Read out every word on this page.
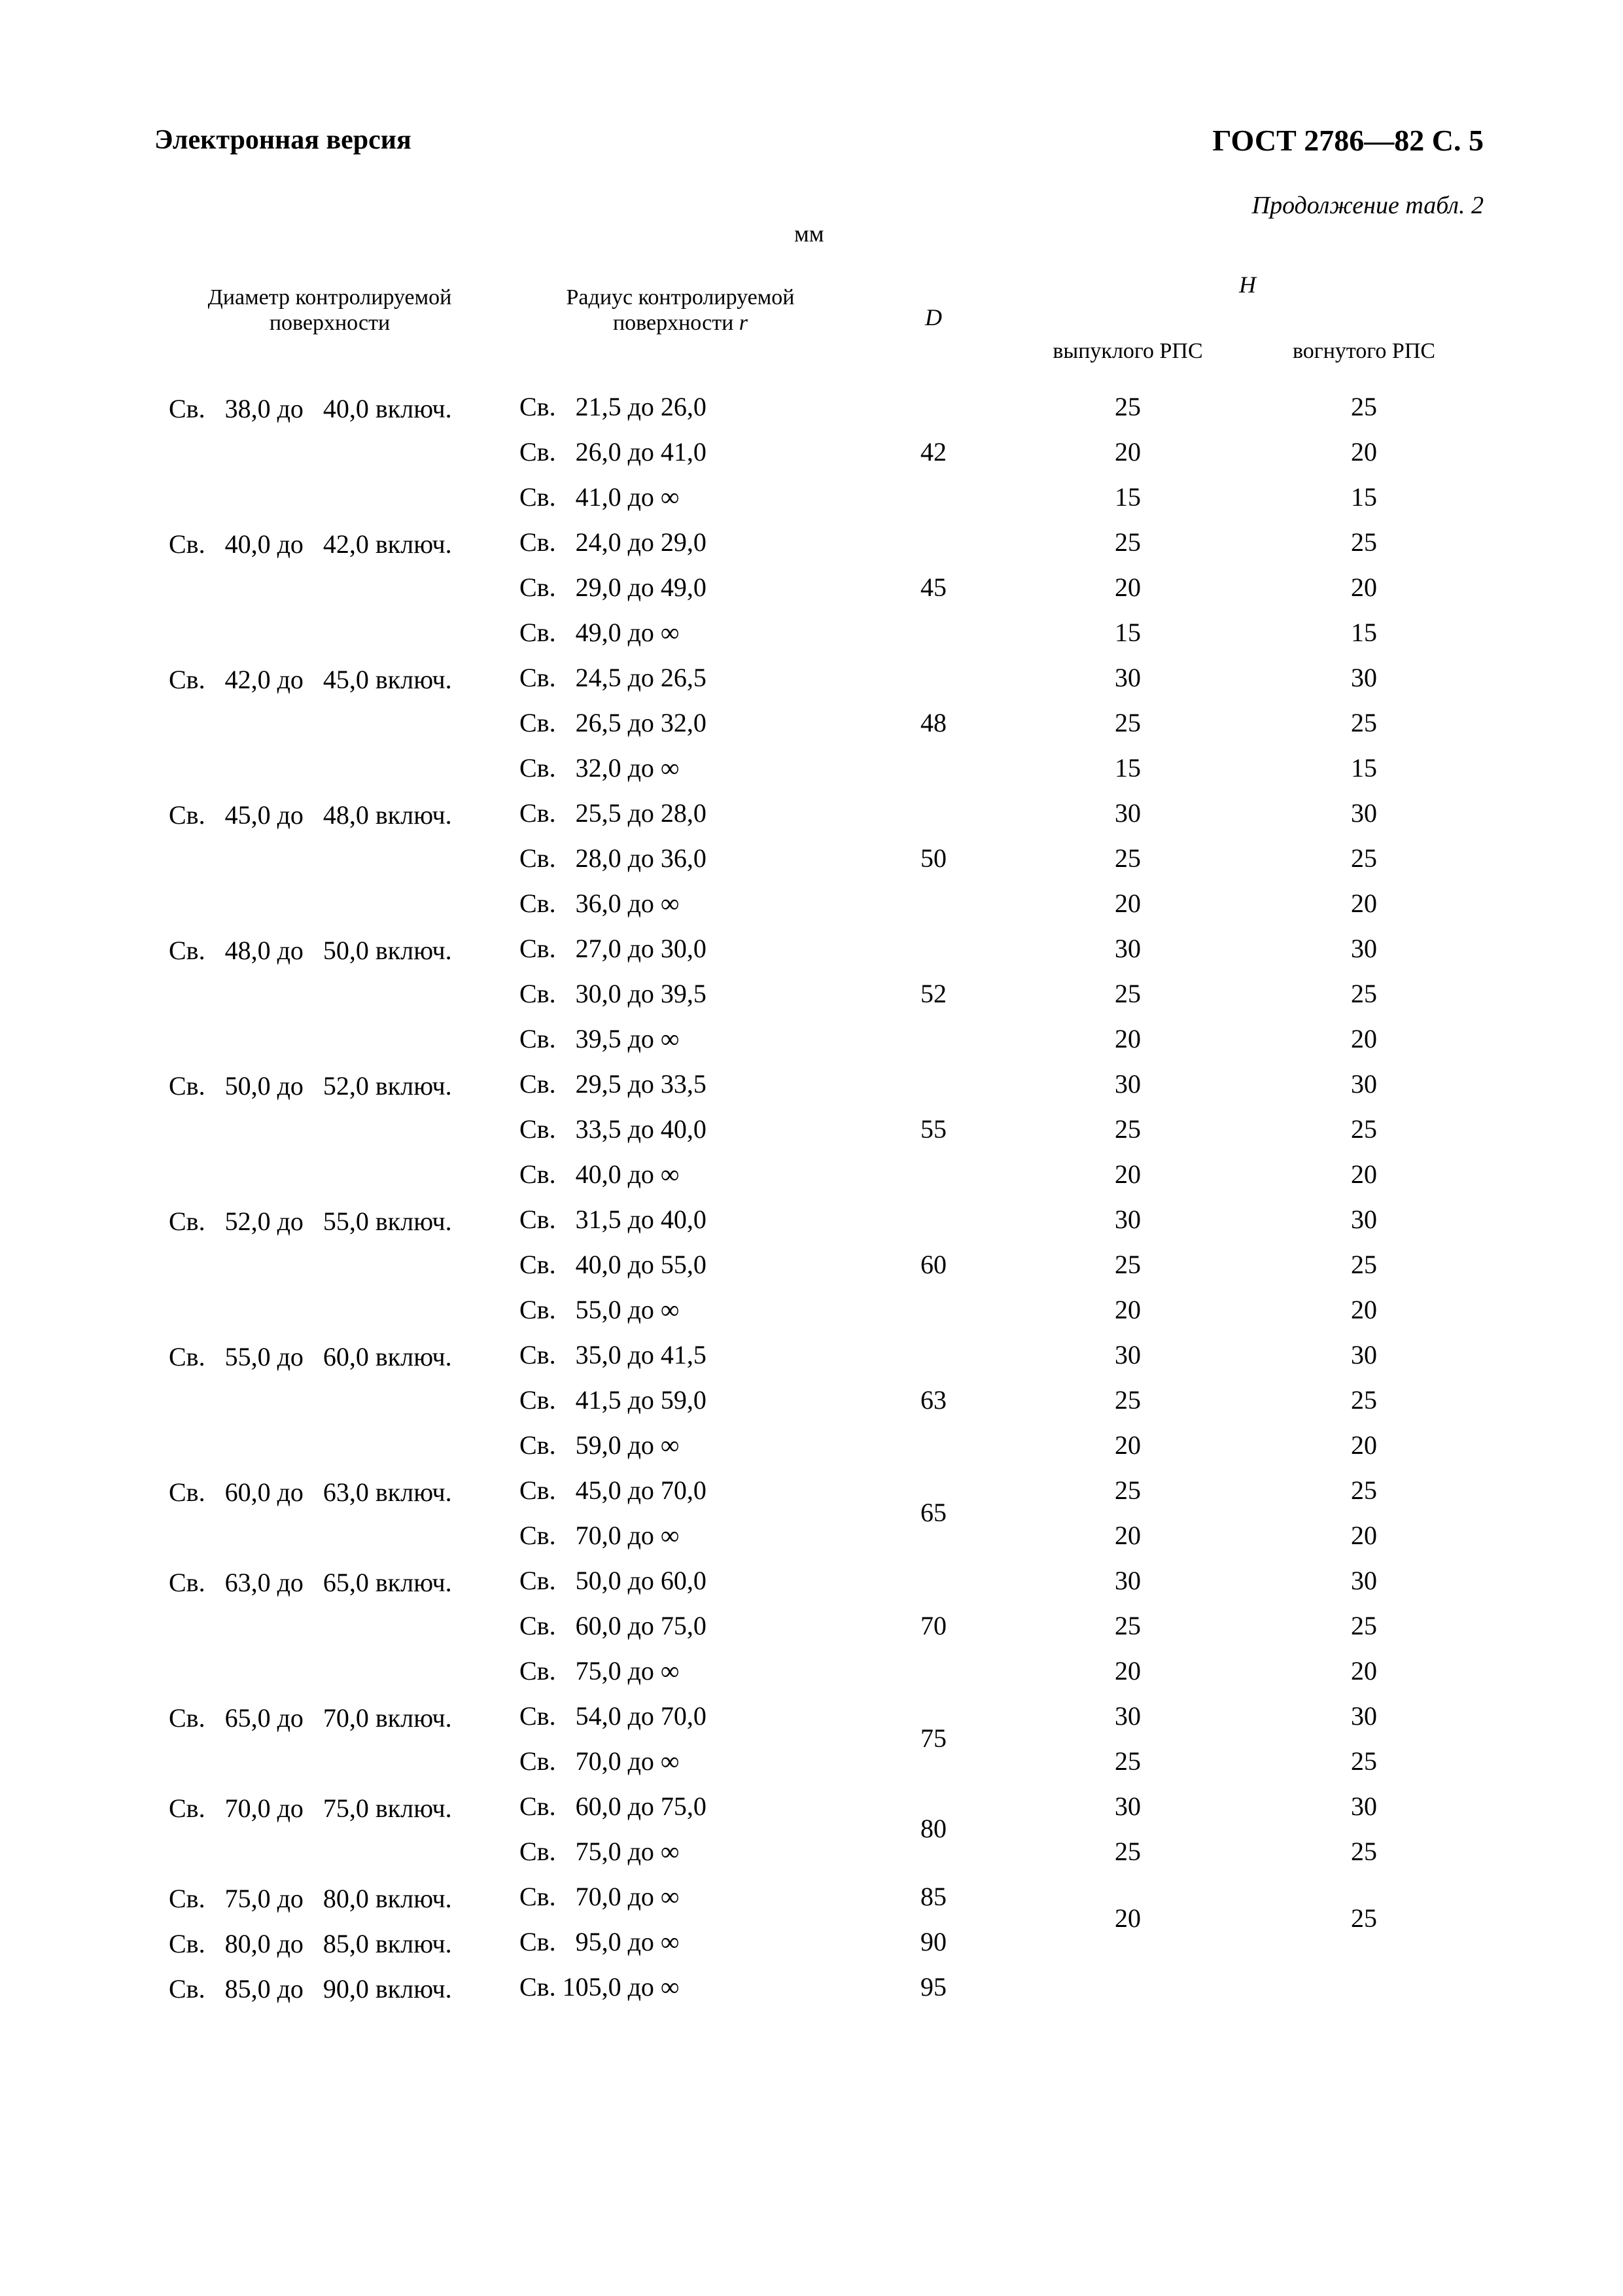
Электронная версия	ГОСТ 2786—82 С. 5
Продолжение табл. 2
мм
Диаметр контролируемой поверхности	Радиус контролируемой поверхности r	D	H	
			выпуклого РПС	вогнутого РПС
Св.   38,0 до   40,0 включ.	Св.   21,5 до 26,0	42	25	25
	Св.   26,0 до 41,0		20	20
	Св.   41,0 до ∞		15	15
Св.   40,0 до   42,0 включ.	Св.   24,0 до 29,0	45	25	25
	Св.   29,0 до 49,0		20	20
	Св.   49,0 до ∞		15	15
Св.   42,0 до   45,0 включ.	Св.   24,5 до 26,5	48	30	30
	Св.   26,5 до 32,0		25	25
	Св.   32,0 до ∞		15	15
Св.   45,0 до   48,0 включ.	Св.   25,5 до 28,0	50	30	30
	Св.   28,0 до 36,0		25	25
	Св.   36,0 до ∞		20	20
Св.   48,0 до   50,0 включ.	Св.   27,0 до 30,0	52	30	30
	Св.   30,0 до 39,5		25	25
	Св.   39,5 до ∞		20	20
Св.   50,0 до   52,0 включ.	Св.   29,5 до 33,5	55	30	30
	Св.   33,5 до 40,0		25	25
	Св.   40,0 до ∞		20	20
Св.   52,0 до   55,0 включ.	Св.   31,5 до 40,0	60	30	30
	Св.   40,0 до 55,0		25	25
	Св.   55,0 до ∞		20	20
Св.   55,0 до   60,0 включ.	Св.   35,0 до 41,5	63	30	30
	Св.   41,5 до 59,0		25	25
	Св.   59,0 до ∞		20	20
Св.   60,0 до   63,0 включ.	Св.   45,0 до 70,0	65	25	25
	Св.   70,0 до ∞		20	20
Св.   63,0 до   65,0 включ.	Св.   50,0 до 60,0	70	30	30
	Св.   60,0 до 75,0		25	25
	Св.   75,0 до ∞		20	20
Св.   65,0 до   70,0 включ.	Св.   54,0 до 70,0	75	30	30
	Св.   70,0 до ∞		25	25
Св.   70,0 до   75,0 включ.	Св.   60,0 до 75,0	80	30	30
	Св.   75,0 до ∞		25	25
Св.   75,0 до   80,0 включ.	Св.   70,0 до ∞	85	20	25
Св.   80,0 до   85,0 включ.	Св.   95,0 до ∞	90		
Св.   85,0 до   90,0 включ.	Св. 105,0 до ∞	95		
